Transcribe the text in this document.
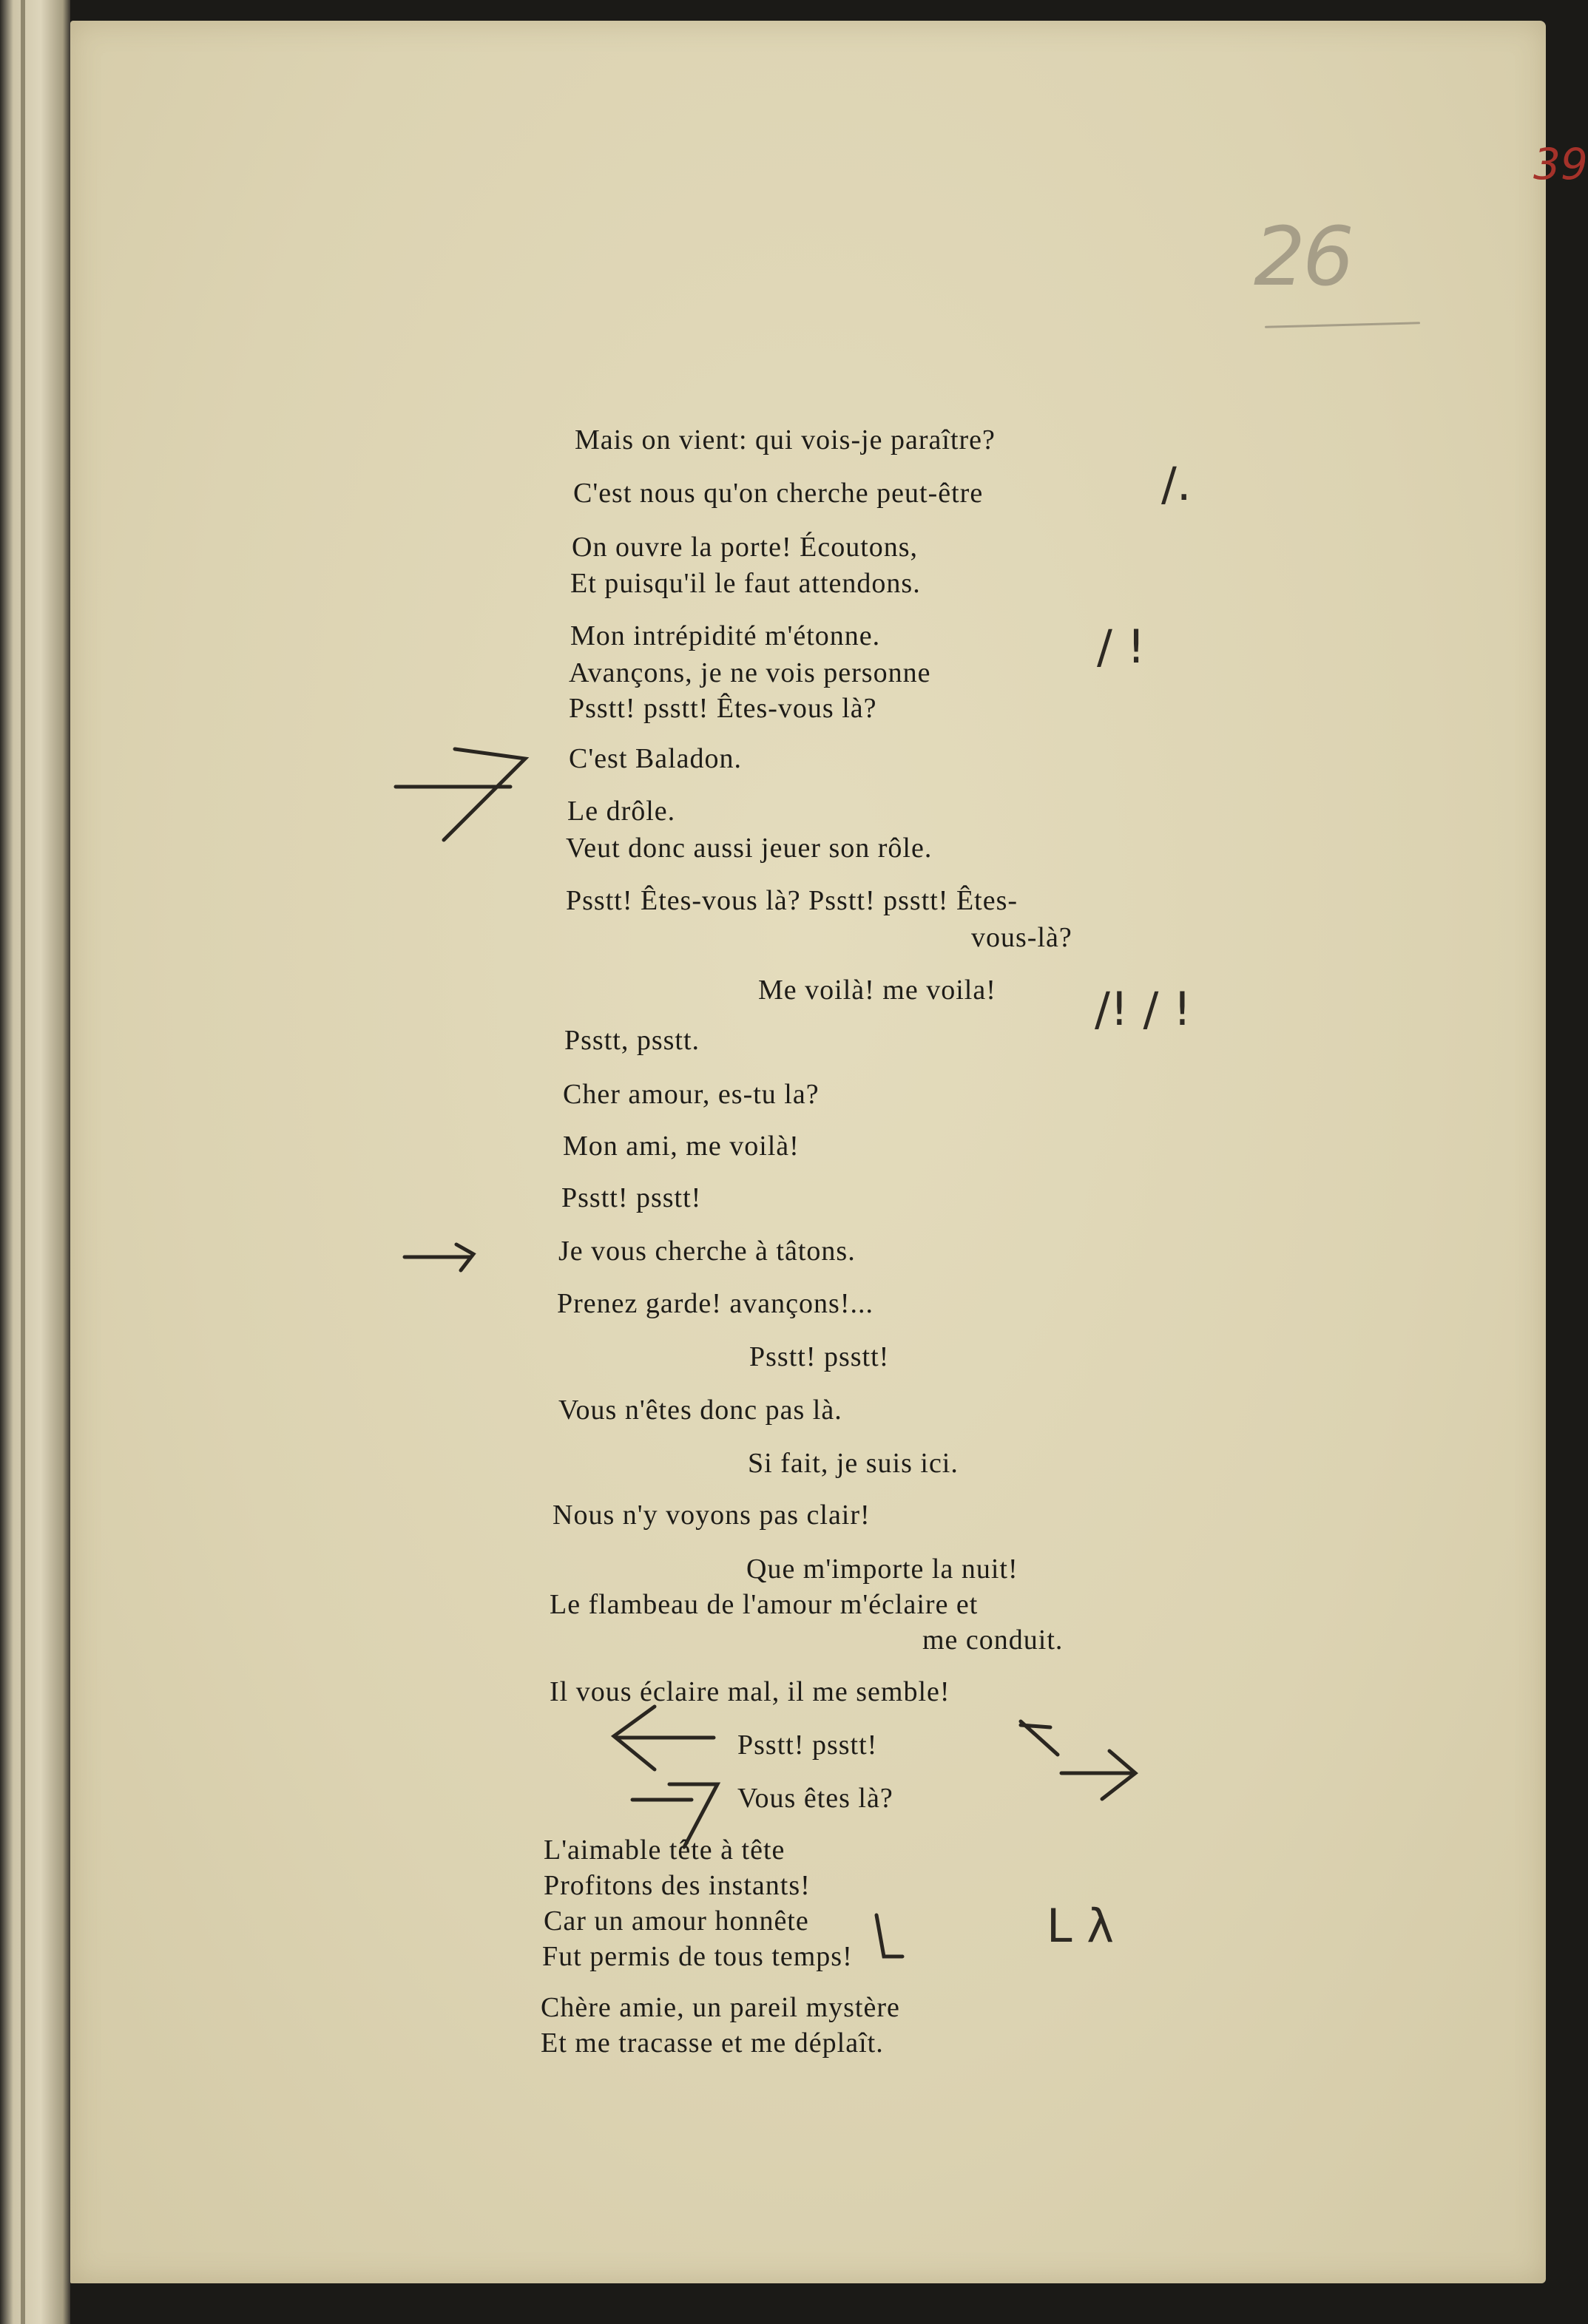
39
26
Mais on vient: qui vois-je paraître?
C'est nous qu'on cherche peut-être
On ouvre la porte! Écoutons,
Et puisqu'il le faut attendons.
Mon intrépidité m'étonne.
Avançons, je ne vois personne
Psstt! psstt! Êtes-vous là?
C'est Baladon.
Le drôle.
Veut donc aussi jeuer son rôle.
Psstt! Êtes-vous là? Psstt! psstt! Êtes-
vous-là?
Me voilà! me voila!
Psstt, psstt.
Cher amour, es-tu la?
Mon ami, me voilà!
Psstt! psstt!
Je vous cherche à tâtons.
Prenez garde! avançons!...
Psstt! psstt!
Vous n'êtes donc pas là.
Si fait, je suis ici.
Nous n'y voyons pas clair!
Que m'importe la nuit!
Le flambeau de l'amour m'éclaire et
me conduit.
Il vous éclaire mal, il me semble!
Psstt! psstt!
Vous êtes là?
L'aimable tête à tête
Profitons des instants!
Car un amour honnête
Fut permis de tous temps!
Chère amie, un pareil mystère
Et me tracasse et me déplaît.
/.
/ !
/! / !
L λ
